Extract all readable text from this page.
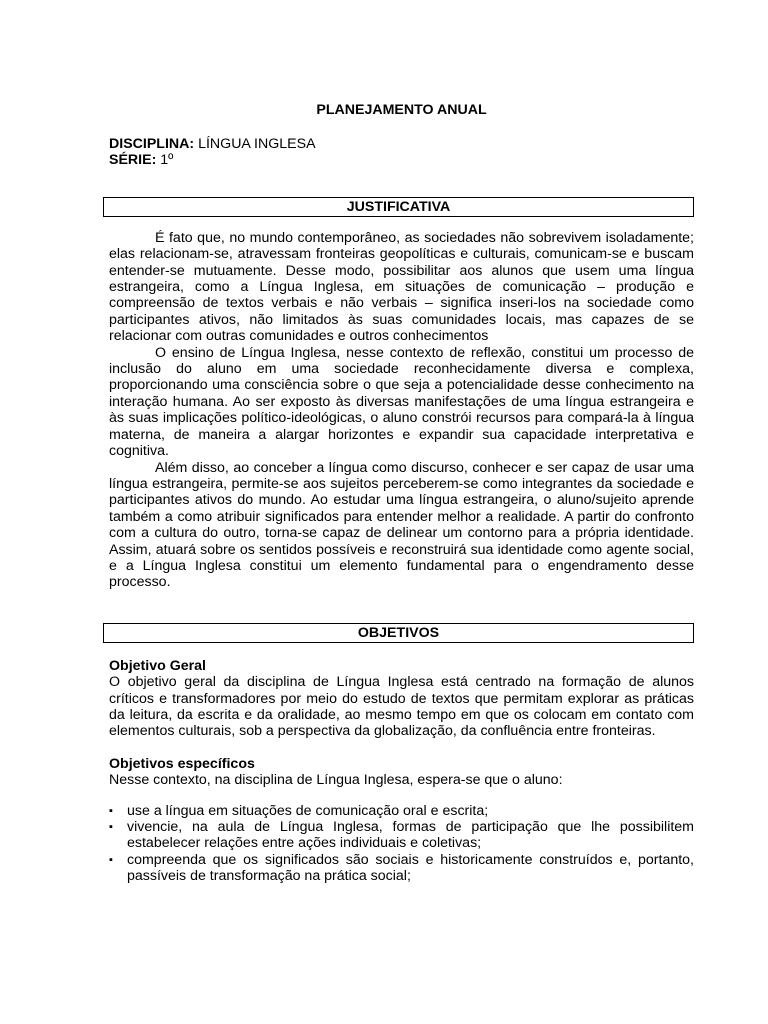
PLANEJAMENTO ANUAL
DISCIPLINA: LÍNGUA INGLESA
SÉRIE: 1º
JUSTIFICATIVA

É fato que, no mundo contemporâneo, as sociedades não sobrevivem isoladamente; elas relacionam-se, atravessam fronteiras geopolíticas e culturais, comunicam-se e buscam entender-se mutuamente. Desse modo, possibilitar aos alunos que usem uma língua estrangeira, como a Língua Inglesa, em situações de comunicação – produção e compreensão de textos verbais e não verbais – significa inseri-los na sociedade como participantes ativos, não limitados às suas comunidades locais, mas capazes de se relacionar com outras comunidades e outros conhecimentos

O ensino de Língua Inglesa, nesse contexto de reflexão, constitui um processo de inclusão do aluno em uma sociedade reconhecidamente diversa e complexa, proporcionando uma consciência sobre o que seja a potencialidade desse conhecimento na interação humana. Ao ser exposto às diversas manifestações de uma língua estrangeira e às suas implicações político-ideológicas, o aluno constrói recursos para compará-la à língua materna, de maneira a alargar horizontes e expandir sua capacidade interpretativa e cognitiva.

Além disso, ao conceber a língua como discurso, conhecer e ser capaz de usar uma língua estrangeira, permite-se aos sujeitos perceberem-se como integrantes da sociedade e participantes ativos do mundo. Ao estudar uma língua estrangeira, o aluno/sujeito aprende também a como atribuir significados para entender melhor a realidade. A partir do confronto com a cultura do outro, torna-se capaz de delinear um contorno para a própria identidade. Assim, atuará sobre os sentidos possíveis e reconstruirá sua identidade como agente social, e a Língua Inglesa constitui um elemento fundamental para o engendramento desse processo.

OBJETIVOS

Objetivo Geral

O objetivo geral da disciplina de Língua Inglesa está centrado na formação de alunos críticos e transformadores por meio do estudo de textos que permitam explorar as práticas da leitura, da escrita e da oralidade, ao mesmo tempo em que os colocam em contato com elementos culturais, sob a perspectiva da globalização, da confluência entre fronteiras.

Objetivos específicos

Nesse contexto, na disciplina de Língua Inglesa, espera-se que o aluno:

▪ use a língua em situações de comunicação oral e escrita;
▪ vivencie, na aula de Língua Inglesa, formas de participação que lhe possibilitem estabelecer relações entre ações individuais e coletivas;
▪ compreenda que os significados são sociais e historicamente construídos e, portanto, passíveis de transformação na prática social;
